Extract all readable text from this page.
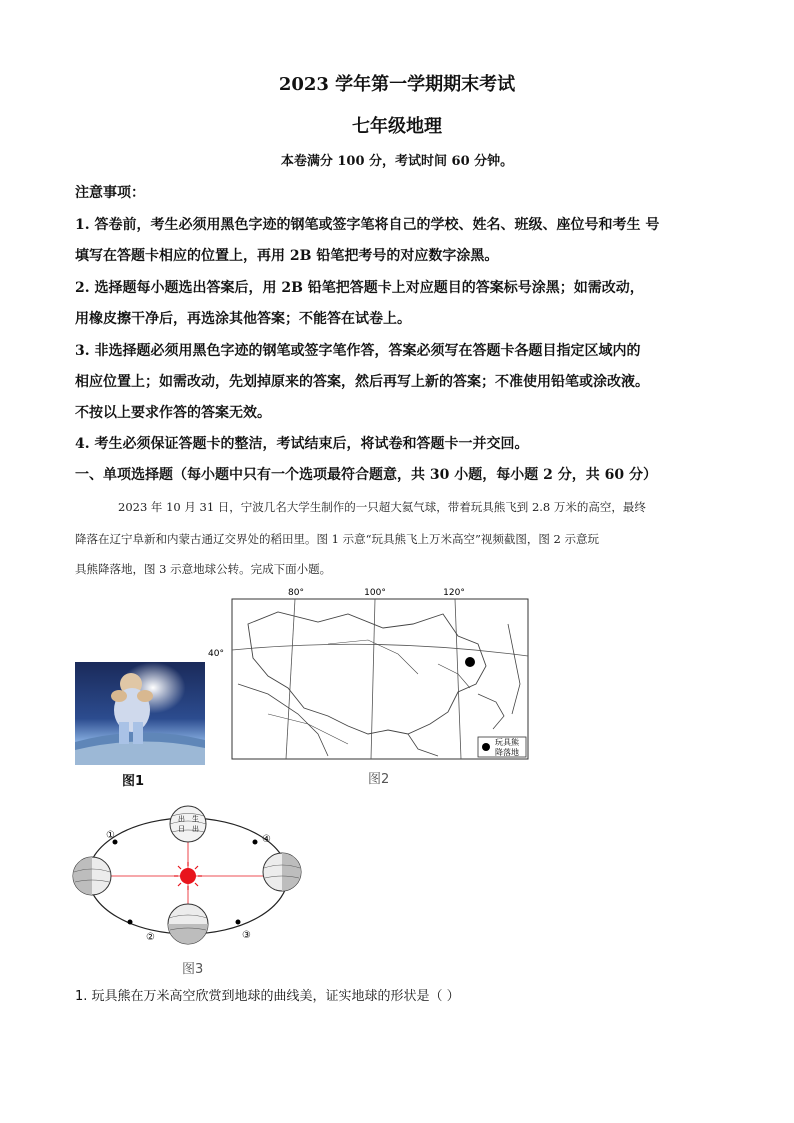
2023 学年第一学期期末考试
七年级地理
本卷满分 100 分，考试时间 60 分钟。
注意事项：
1. 答卷前，考生必须用黑色字迹的钢笔或签字笔将自己的学校、姓名、班级、座位号和考生 号
填写在答题卡相应的位置上，再用 2B 铅笔把考号的对应数字涂黑。
2. 选择题每小题选出答案后，用 2B 铅笔把答题卡上对应题目的答案标号涂黑；如需改动，
用橡皮擦干净后，再选涂其他答案；不能答在试卷上。
3. 非选择题必须用黑色字迹的钢笔或签字笔作答，答案必须写在答题卡各题目指定区域内的
相应位置上；如需改动，先划掉原来的答案，然后再写上新的答案；不准使用铅笔或涂改液。
不按以上要求作答的答案无效。
4. 考生必须保证答题卡的整洁，考试结束后，将试卷和答题卡一并交回。
一、单项选择题（每小题中只有一个选项最符合题意，共 30 小题，每小题 2 分，共 60 分）
2023 年 10 月 31 日，宁波几名大学生制作的一只超大氦气球，带着玩具熊飞到 2.8 万米的高空，最终
降落在辽宁阜新和内蒙古通辽交界处的稻田里。图 1 示意“玩具熊飞上万米高空”视频截图，图 2 示意玩
具熊降落地，图 3 示意地球公转。完成下面小题。
图1
玩具熊
降落地
80°	100°	120°
40°
图2
出 生
日 出
①
②	③
④
图3
1. 玩具熊在万米高空欣赏到地球的曲线美，证实地球的形状是（ ）
